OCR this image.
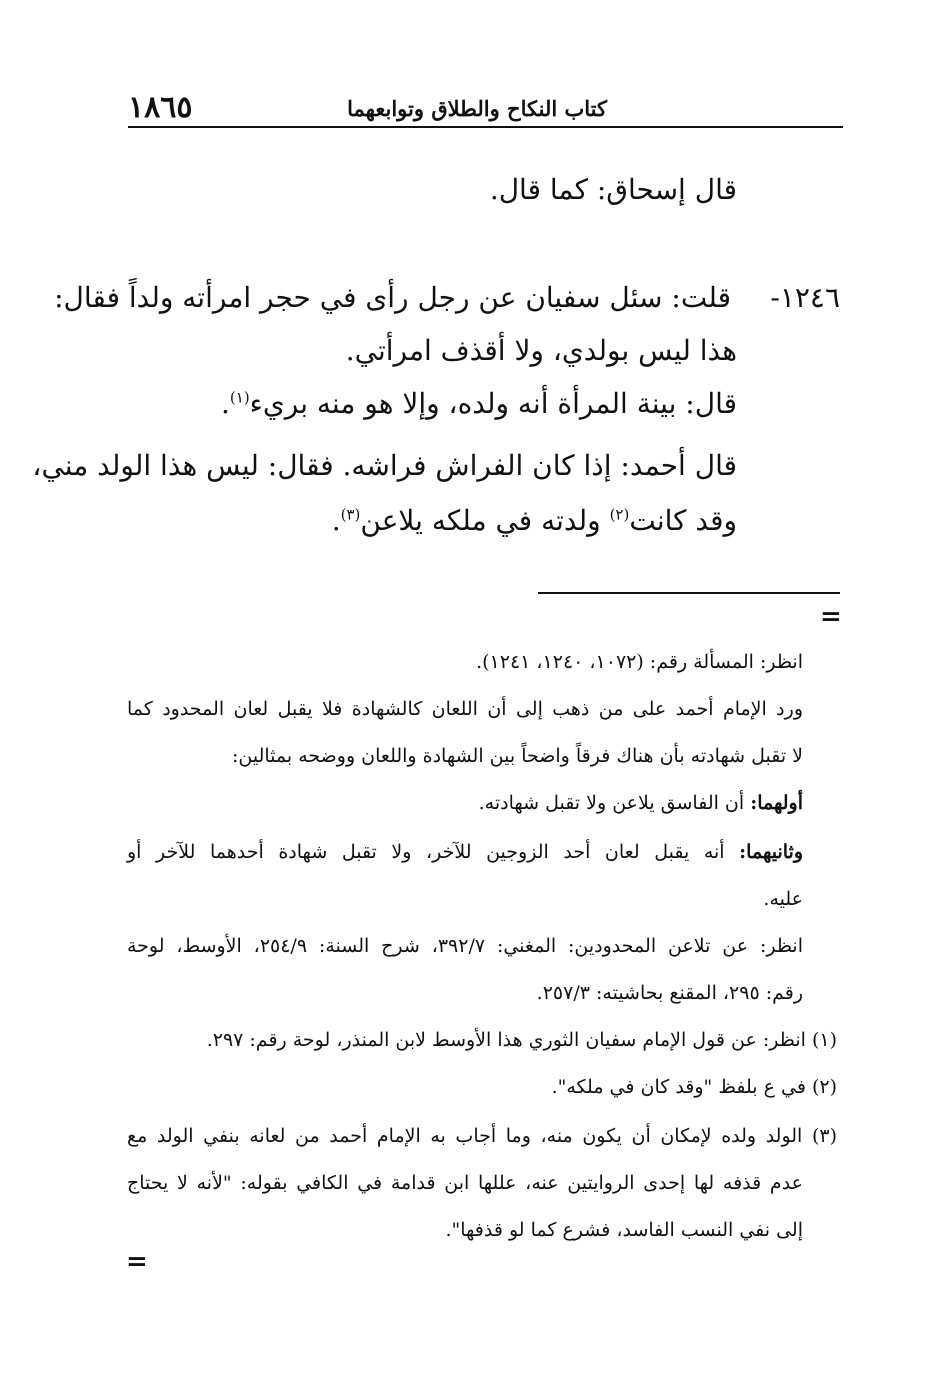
١٨٦٥	كتاب النكاح والطلاق وتوابعهما
قال إسحاق: كما قال.
١٢٤٦-
قلت: سئل سفيان عن رجل رأى في حجر امرأته ولداً فقال:
هذا ليس بولدي، ولا أقذف امرأتي.
قال: بينة المرأة أنه ولده، وإلا هو منه بريء$^{(١)}$.
قال أحمد: إذا كان الفراش فراشه. فقال: ليس هذا الولد مني،
وقد كانت$^{(٢)}$ ولدته في ملكه يلاعن$^{(٣)}$.
=
انظر: المسألة رقم: (١٠٧٢، ١٢٤٠، ١٢٤١).
ورد الإمام أحمد على من ذهب إلى أن اللعان كالشهادة فلا يقبل لعان المحدود كما
لا تقبل شهادته بأن هناك فرقاً واضحاً بين الشهادة واللعان ووضحه بمثالين:
أولهما: أن الفاسق يلاعن ولا تقبل شهادته.
وثانيهما: أنه يقبل لعان أحد الزوجين للآخر، ولا تقبل شهادة أحدهما للآخر أو
عليه.
انظر: عن تلاعن المحدودين: المغني: ٣٩٢/٧، شرح السنة: ٢٥٤/٩، الأوسط، لوحة
رقم: ٢٩٥، المقنع بحاشيته: ٢٥٧/٣.
(١) انظر: عن قول الإمام سفيان الثوري هذا الأوسط لابن المنذر، لوحة رقم: ٢٩٧.
(٢) في ع بلفظ "وقد كان في ملكه".
(٣) الولد ولده لإمكان أن يكون منه، وما أجاب به الإمام أحمد من لعانه بنفي الولد مع
عدم قذفه لها إحدى الروايتين عنه، عللها ابن قدامة في الكافي بقوله: "لأنه لا يحتاج
إلى نفي النسب الفاسد، فشرع كما لو قذفها".
=
